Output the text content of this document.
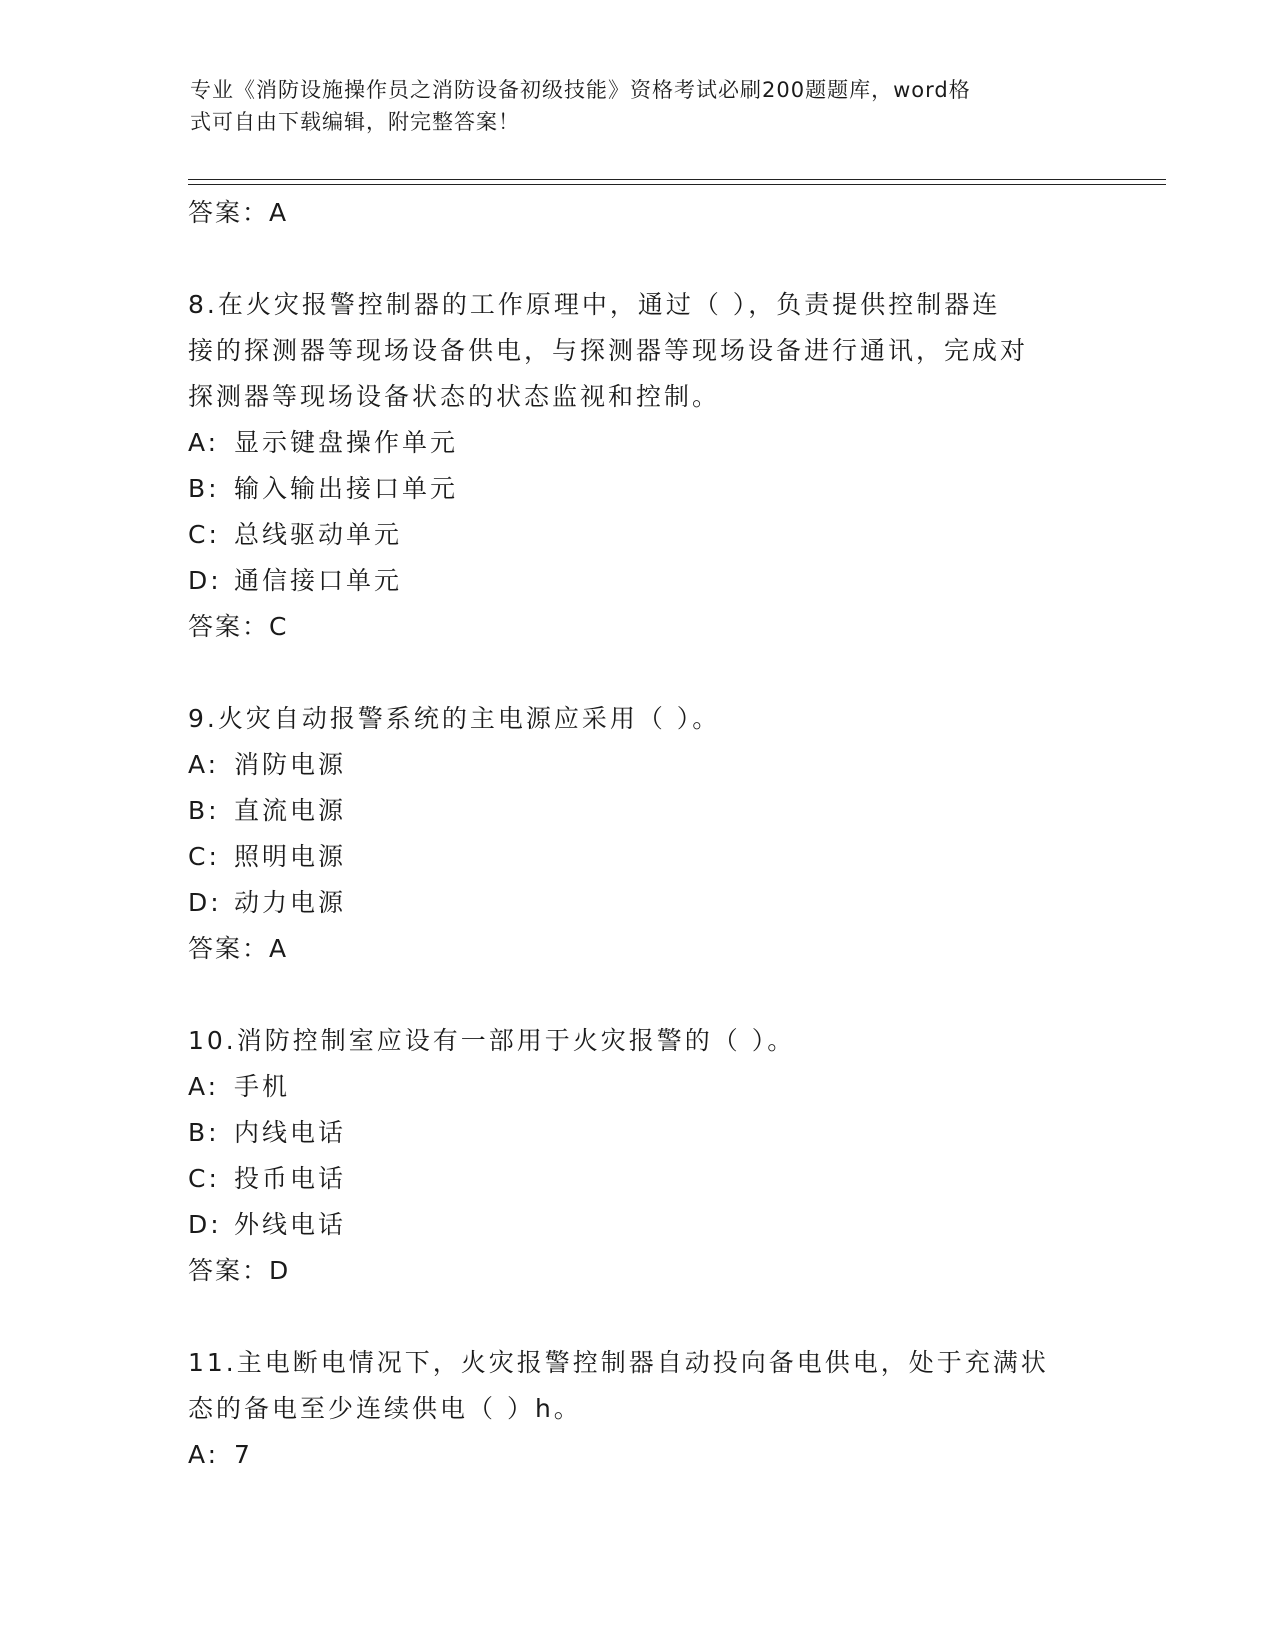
专业《消防设施操作员之消防设备初级技能》资格考试必刷200题题库，word格
式可自由下载编辑，附完整答案！
答案：A
8.在火灾报警控制器的工作原理中，通过（ ），负责提供控制器连
接的探测器等现场设备供电，与探测器等现场设备进行通讯，完成对
探测器等现场设备状态的状态监视和控制。
A: 显示键盘操作单元
B: 输入输出接口单元
C: 总线驱动单元
D: 通信接口单元
答案：C
9.火灾自动报警系统的主电源应采用（ ）。
A: 消防电源
B: 直流电源
C: 照明电源
D: 动力电源
答案：A
10.消防控制室应设有一部用于火灾报警的（ ）。
A: 手机
B: 内线电话
C: 投币电话
D: 外线电话
答案：D
11.主电断电情况下，火灾报警控制器自动投向备电供电，处于充满状
态的备电至少连续供电（ ）h。
A: 7
